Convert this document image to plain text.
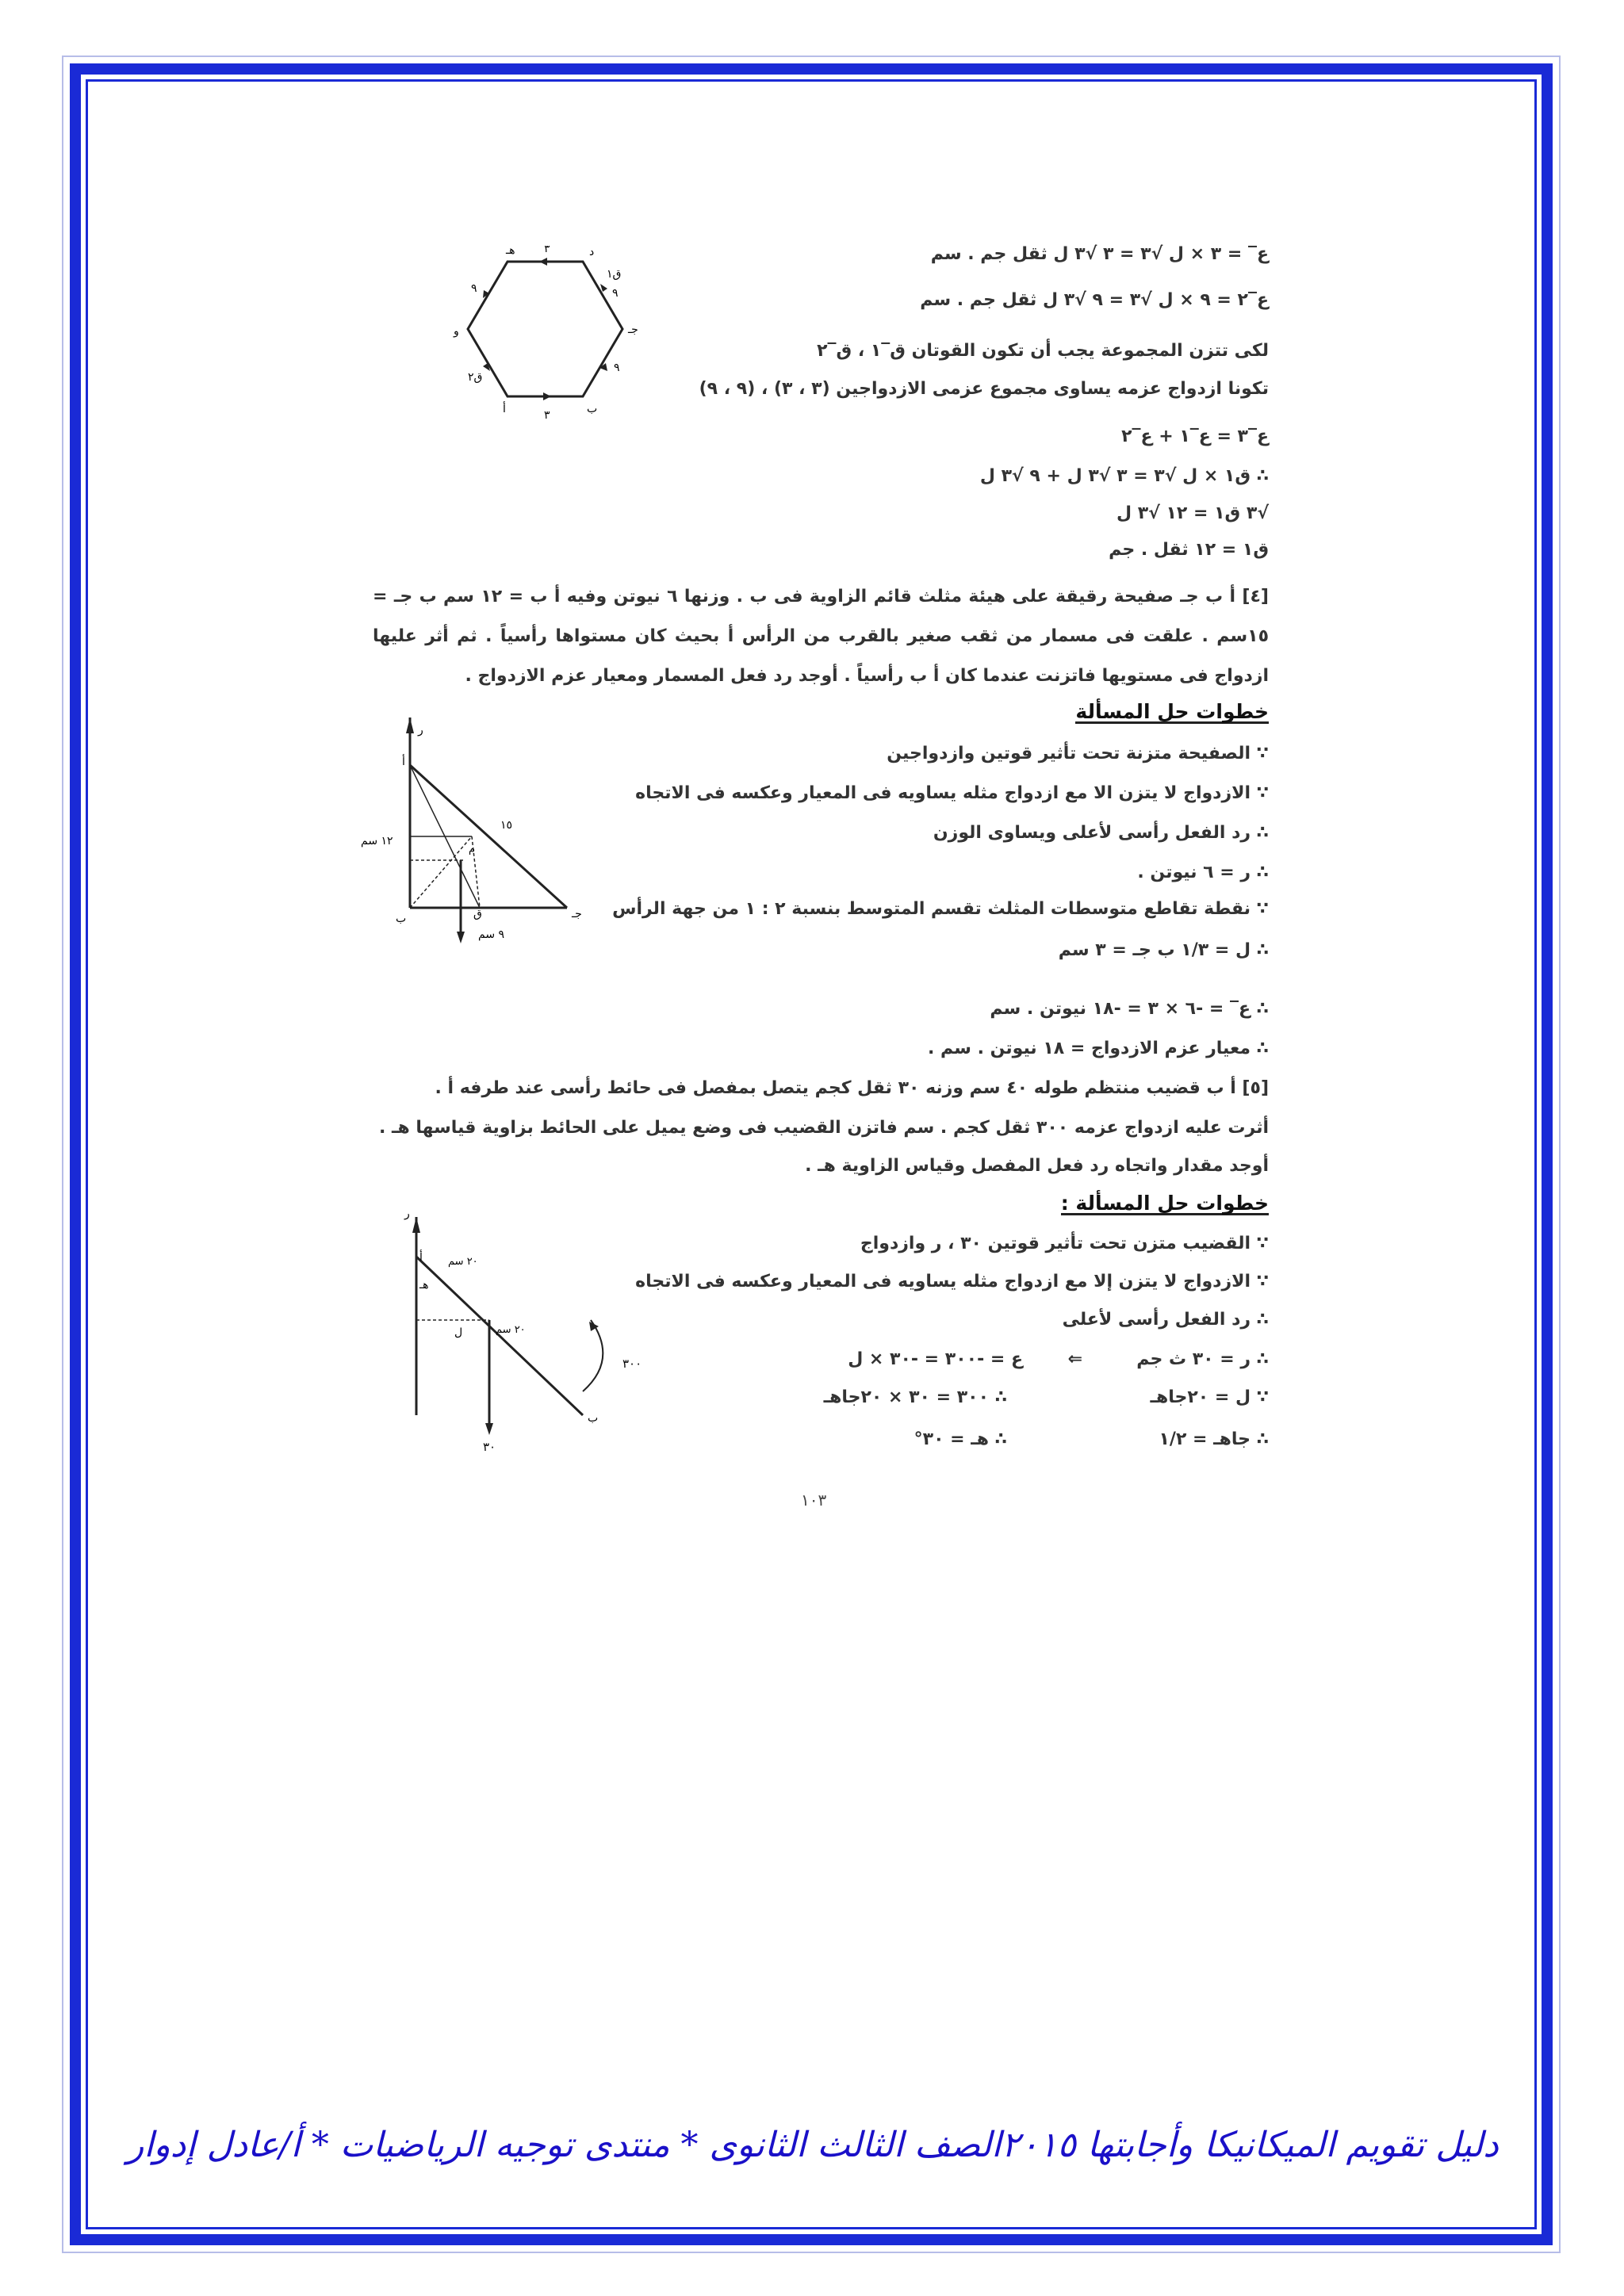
هـ	٣	د
ق١
٩
جـ
٩
ب
٣
أ
ق٢
و
٩
ر
أ
ب	جـ
١٢ سم
١٥
٩ سم
ق
م
ر
أ
هـ
٢٠ سم
٢٠ سم
ل
ب
٣٠
٣٠٠
ع‾ = ٣ × ل √٣ = ٣ √٣ ل ثقل جم . سم
ع‾٢ = ٩ × ل √٣ = ٩ √٣ ل ثقل جم . سم
لكى تتزن المجموعة يجب أن تكون القوتان ق‾١ ، ق‾٢
تكونا ازدواج عزمه يساوى مجموع عزمى الازدواجين (٣ ، ٣) ، (٩ ، ٩)
ع‾٣ = ع‾١ + ع‾٢
∴ ق١ × ل √٣ = ٣ √٣ ل + ٩ √٣ ل
√٣ ق١ = ١٢ √٣ ل
ق١ = ١٢ ثقل . جم
[٤] أ ب جـ صفيحة رقيقة على هيئة مثلث قائم الزاوية فى ب . وزنها ٦ نيوتن وفيه أ ب = ١٢ سم ب جـ = ١٥سم . علقت فى مسمار من ثقب صغير بالقرب من الرأس أ بحيث كان مستواها رأسياً . ثم أثر عليها ازدواج فى مستويها فاتزنت عندما كان أ ب رأسياً . أوجد رد فعل المسمار ومعيار عزم الازدواج .
خطوات حل المسألة
∵ الصفيحة متزنة تحت تأثير قوتين وازدواجين
∵ الازدواج لا يتزن الا مع ازدواج مثله يساويه فى المعيار وعكسه فى الاتجاه
∴ رد الفعل رأسى لأعلى ويساوى الوزن
∴ ر = ٦ نيوتن .
∵ نقطة تقاطع متوسطات المثلث تقسم المتوسط بنسبة ٢ : ١ من جهة الرأس
∴ ل = ١/٣ ب جـ = ٣ سم
∴ ع‾ = -٦ × ٣ = -١٨ نيوتن . سم
∴ معيار عزم الازدواج = ١٨ نيوتن . سم .
[٥] أ ب قضيب منتظم طوله ٤٠ سم وزنه ٣٠ ثقل كجم يتصل بمفصل فى حائط رأسى عند طرفه أ .
أثرت عليه ازدواج عزمه ٣٠٠ ثقل كجم . سم فاتزن القضيب فى وضع يميل على الحائط بزاوية قياسها هـ .
أوجد مقدار واتجاه رد فعل المفصل وقياس الزاوية هـ .
خطوات حل المسألة :
∵ القضيب متزن تحت تأثير قوتين ٣٠ ، ر وازدواج
∵ الازدواج لا يتزن إلا مع ازدواج مثله يساويه فى المعيار وعكسه فى الاتجاه
∴ رد الفعل رأسى لأعلى
∴ ر = ٣٠ ث جم
⇐
ع = -٣٠٠ = -٣٠ × ل
∵ ل = ٢٠جاهـ
∴ ٣٠٠ = ٣٠ × ٢٠جاهـ
∴ جاهـ = ١/٢
∴ هـ = ٣٠°
١٠٣
دليل تقويم الميكانيكا وأجابتها ٢٠١٥الصف الثالث الثانوى * منتدى توجيه الرياضيات * أ/عادل إدوار
